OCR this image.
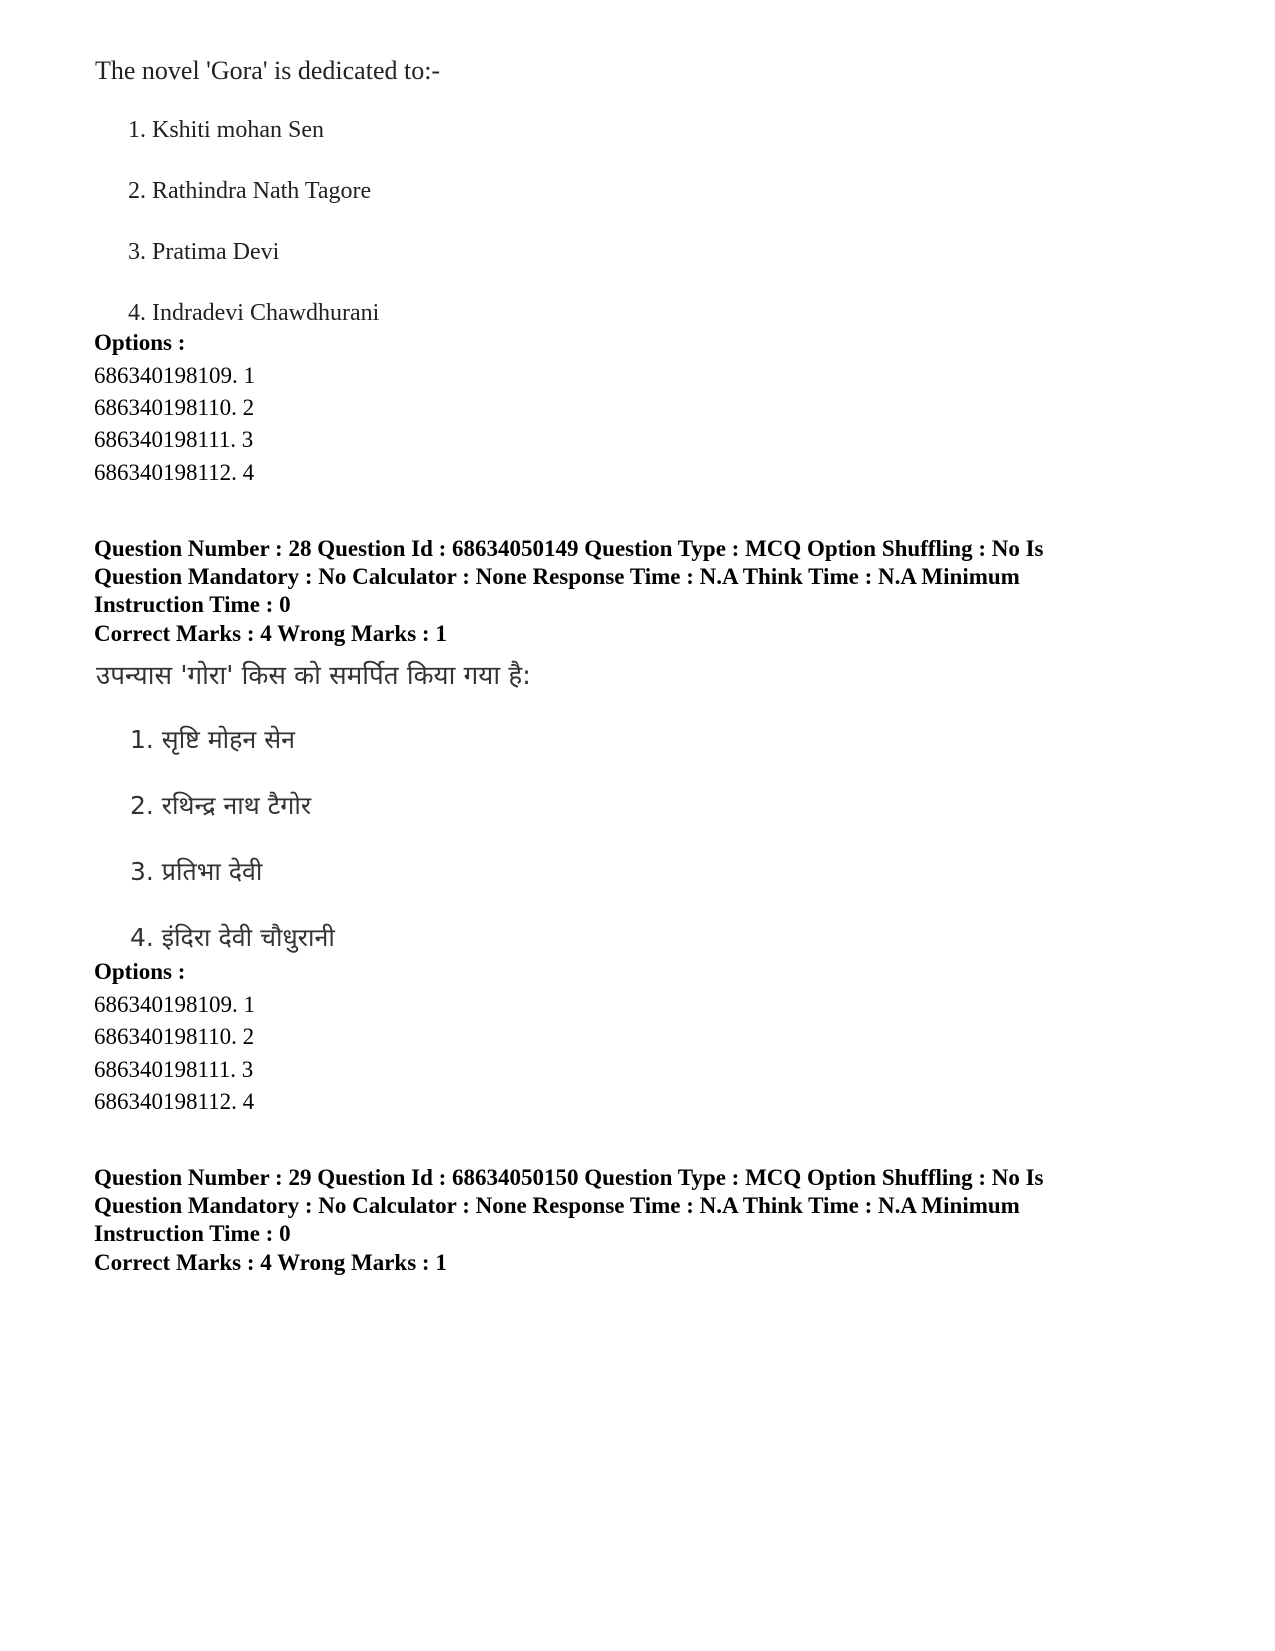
The novel 'Gora' is dedicated to:-
1. Kshiti mohan Sen
2. Rathindra Nath Tagore
3. Pratima Devi
4. Indradevi Chawdhurani
Options :
686340198109. 1
686340198110. 2
686340198111. 3
686340198112. 4
Question Number : 28 Question Id : 68634050149 Question Type : MCQ Option Shuffling : No Is
Question Mandatory : No Calculator : None Response Time : N.A Think Time : N.A Minimum
Instruction Time : 0
Correct Marks : 4 Wrong Marks : 1
उपन्यास 'गोरा' किस को समर्पित किया गया है:
1. सृष्टि मोहन सेन
2. रथिन्द्र नाथ टैगोर
3. प्रतिभा देवी
4. इंदिरा देवी चौधुरानी
Options :
686340198109. 1
686340198110. 2
686340198111. 3
686340198112. 4
Question Number : 29 Question Id : 68634050150 Question Type : MCQ Option Shuffling : No Is
Question Mandatory : No Calculator : None Response Time : N.A Think Time : N.A Minimum
Instruction Time : 0
Correct Marks : 4 Wrong Marks : 1
